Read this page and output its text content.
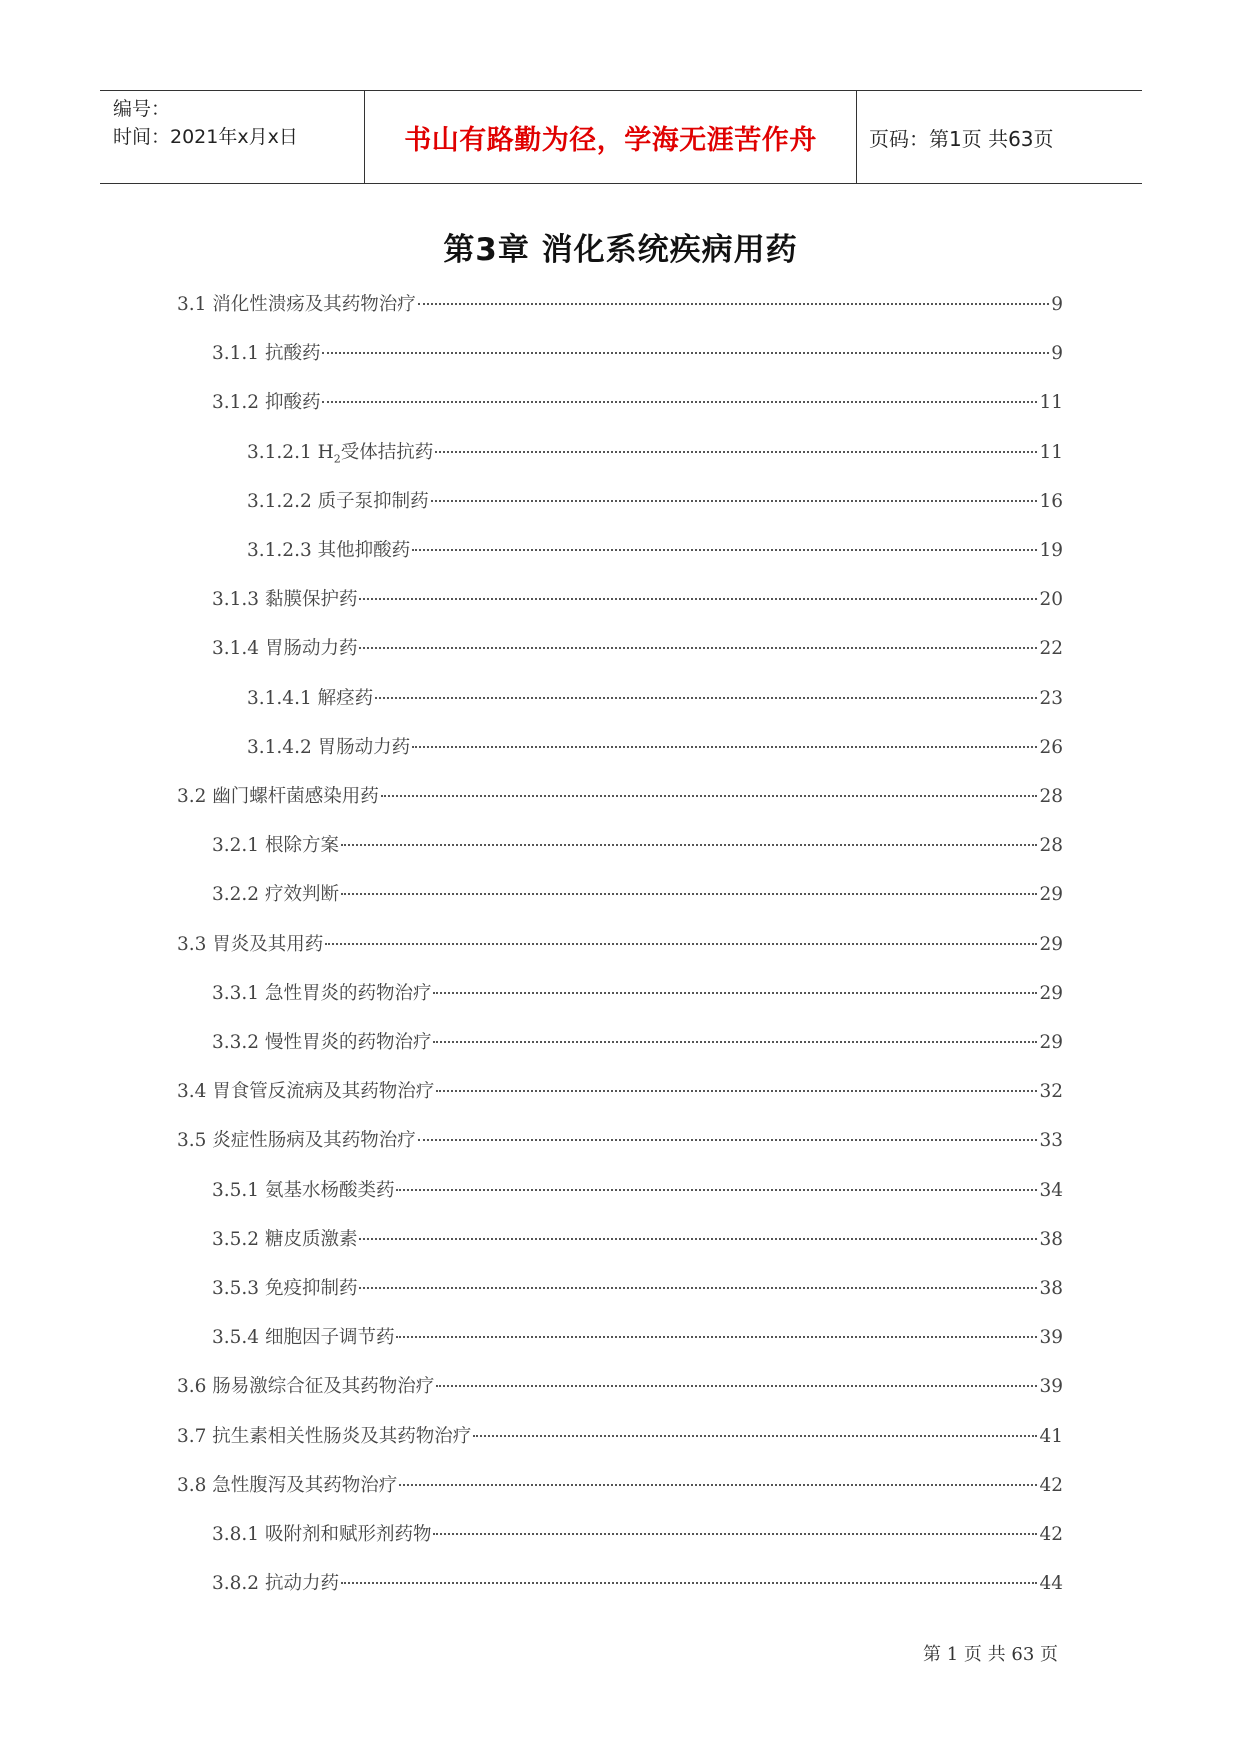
编号：
时间：2021年x月x日	书山有路勤为径，学海无涯苦作舟	页码：第1页 共63页
第3章 消化系统疾病用药
3.1 消化性溃疡及其药物治疗	9
3.1.1 抗酸药	9
3.1.2 抑酸药	11
3.1.2.1 $H_2$受体拮抗药	11
3.1.2.2 质子泵抑制药	16
3.1.2.3 其他抑酸药	19
3.1.3 黏膜保护药	20
3.1.4 胃肠动力药	22
3.1.4.1 解痉药	23
3.1.4.2 胃肠动力药	26
3.2 幽门螺杆菌感染用药	28
3.2.1 根除方案	28
3.2.2 疗效判断	29
3.3 胃炎及其用药	29
3.3.1 急性胃炎的药物治疗	29
3.3.2 慢性胃炎的药物治疗	29
3.4 胃食管反流病及其药物治疗	32
3.5 炎症性肠病及其药物治疗	33
3.5.1 氨基水杨酸类药	34
3.5.2 糖皮质激素	38
3.5.3 免疫抑制药	38
3.5.4 细胞因子调节药	39
3.6 肠易激综合征及其药物治疗	39
3.7 抗生素相关性肠炎及其药物治疗	41
3.8 急性腹泻及其药物治疗	42
3.8.1 吸附剂和赋形剂药物	42
3.8.2 抗动力药	44
第 1 页 共 63 页
